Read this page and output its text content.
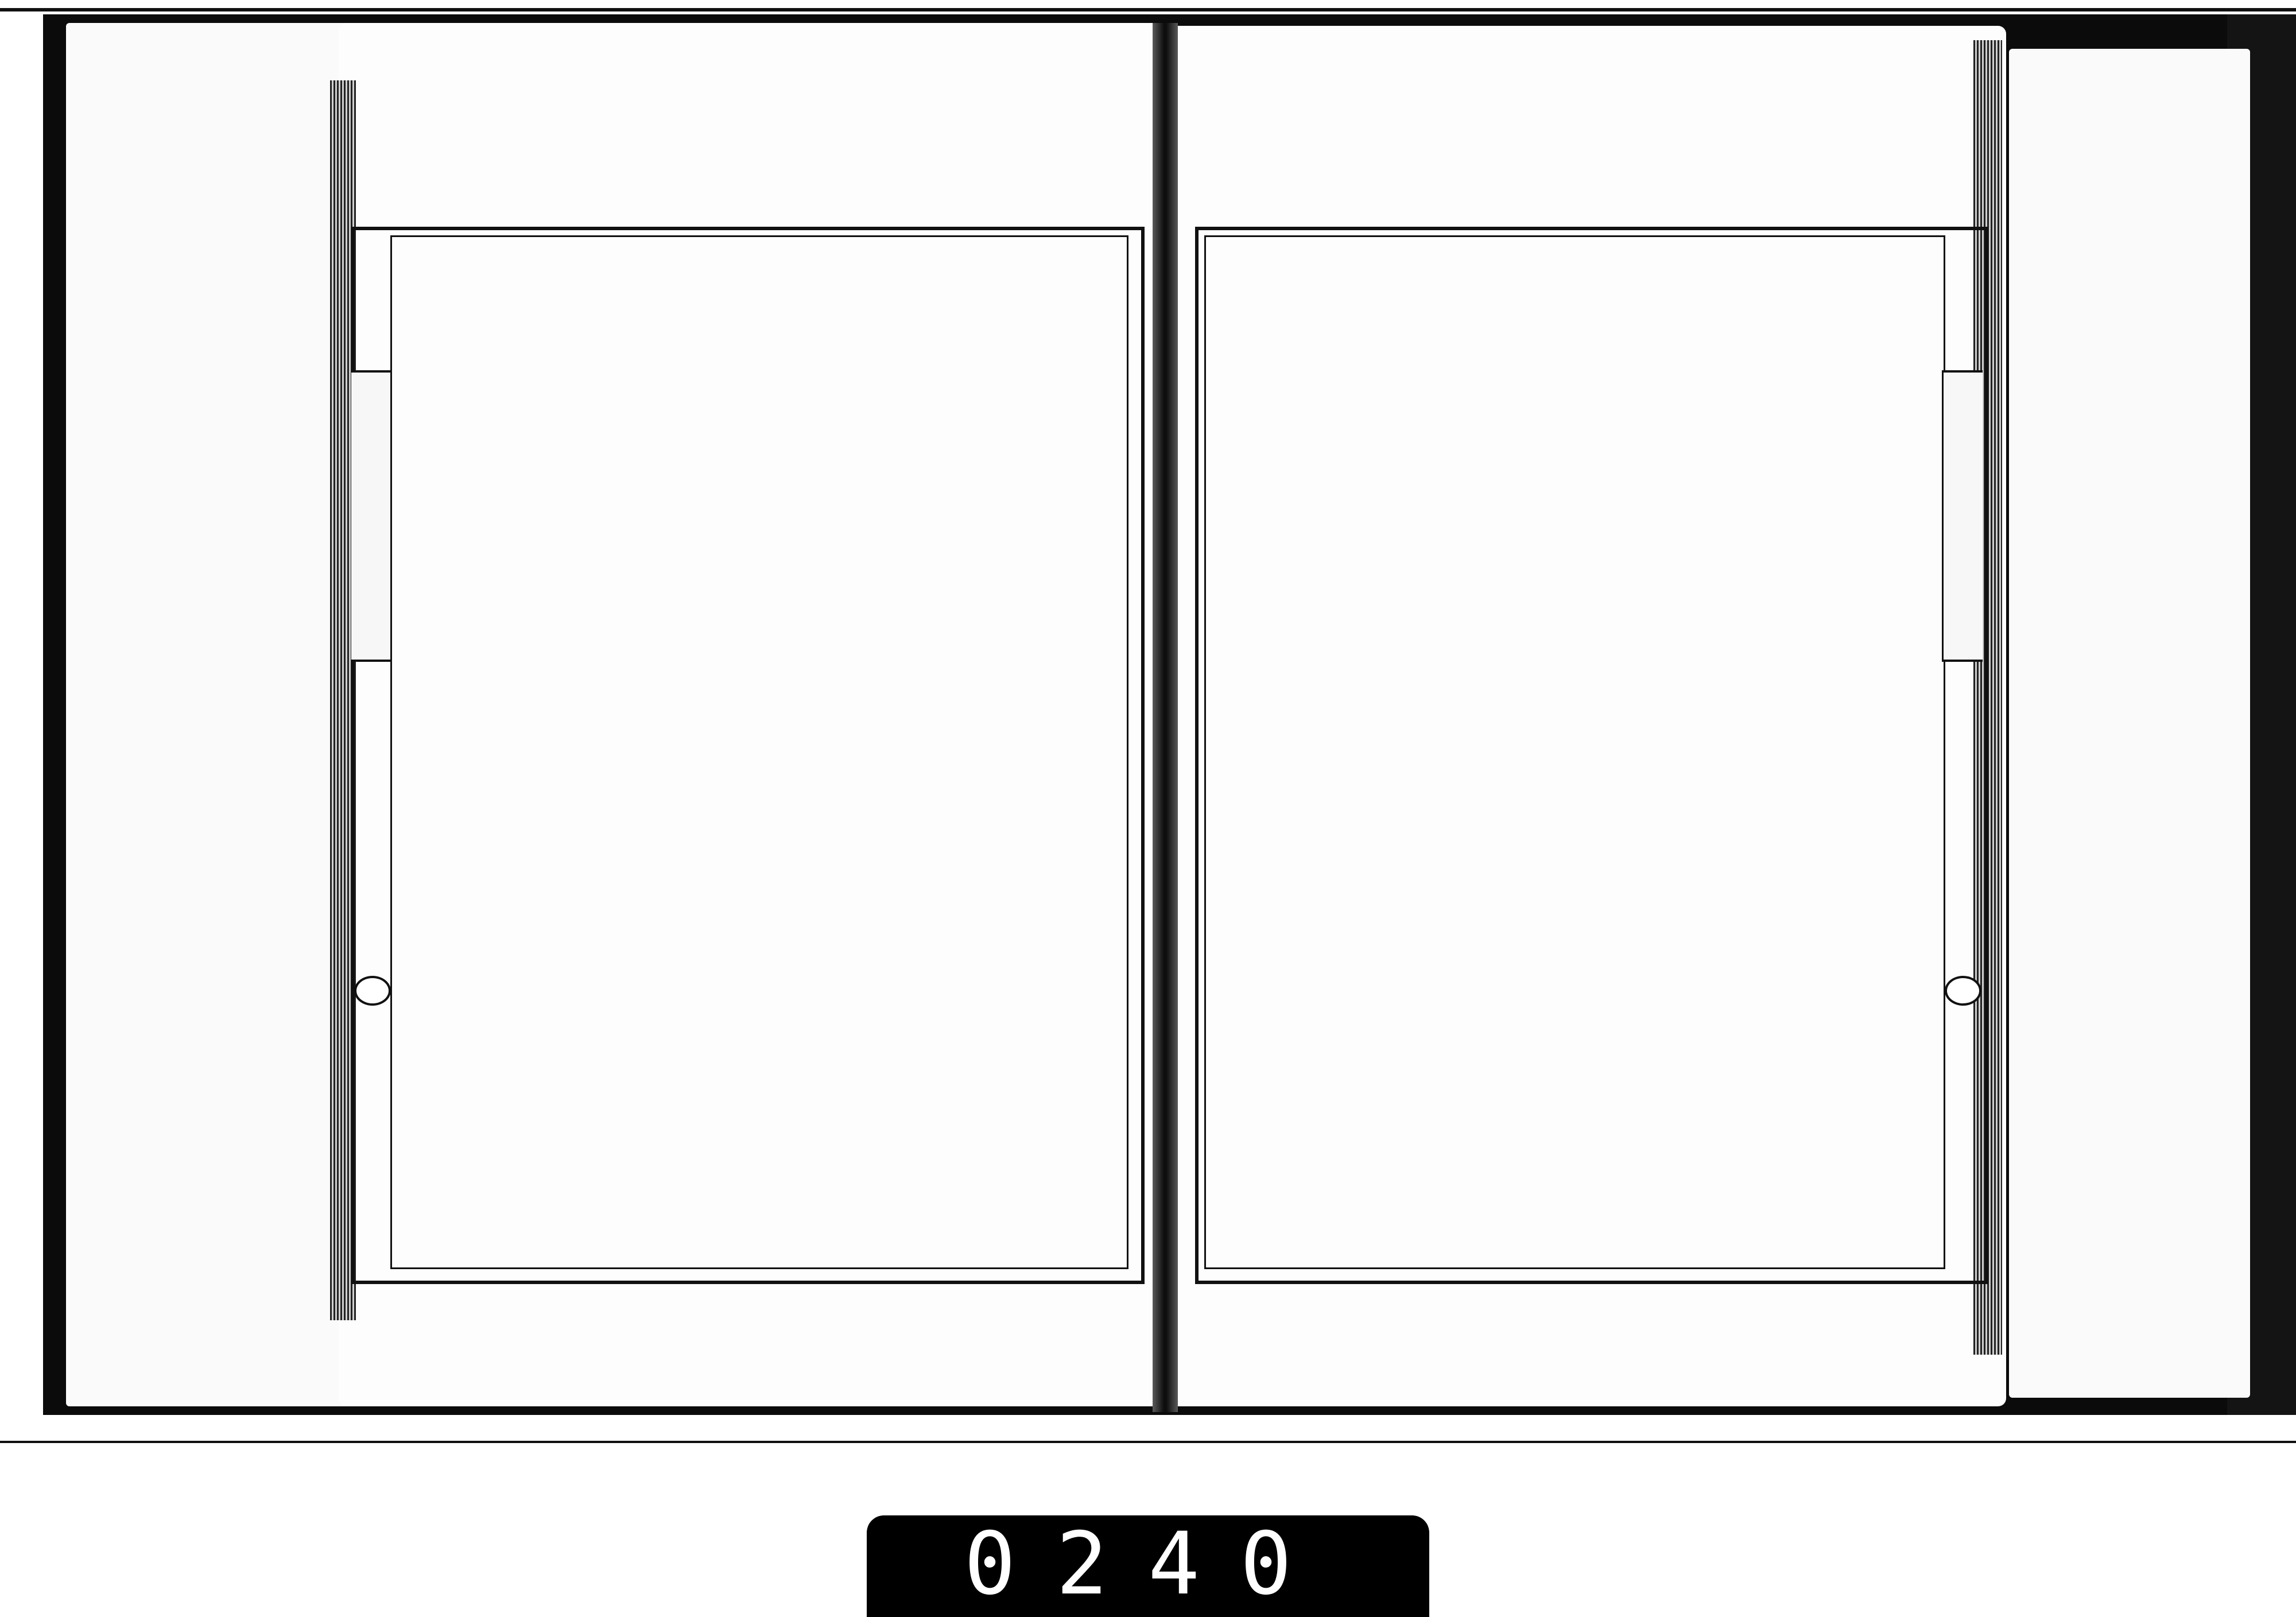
0240
